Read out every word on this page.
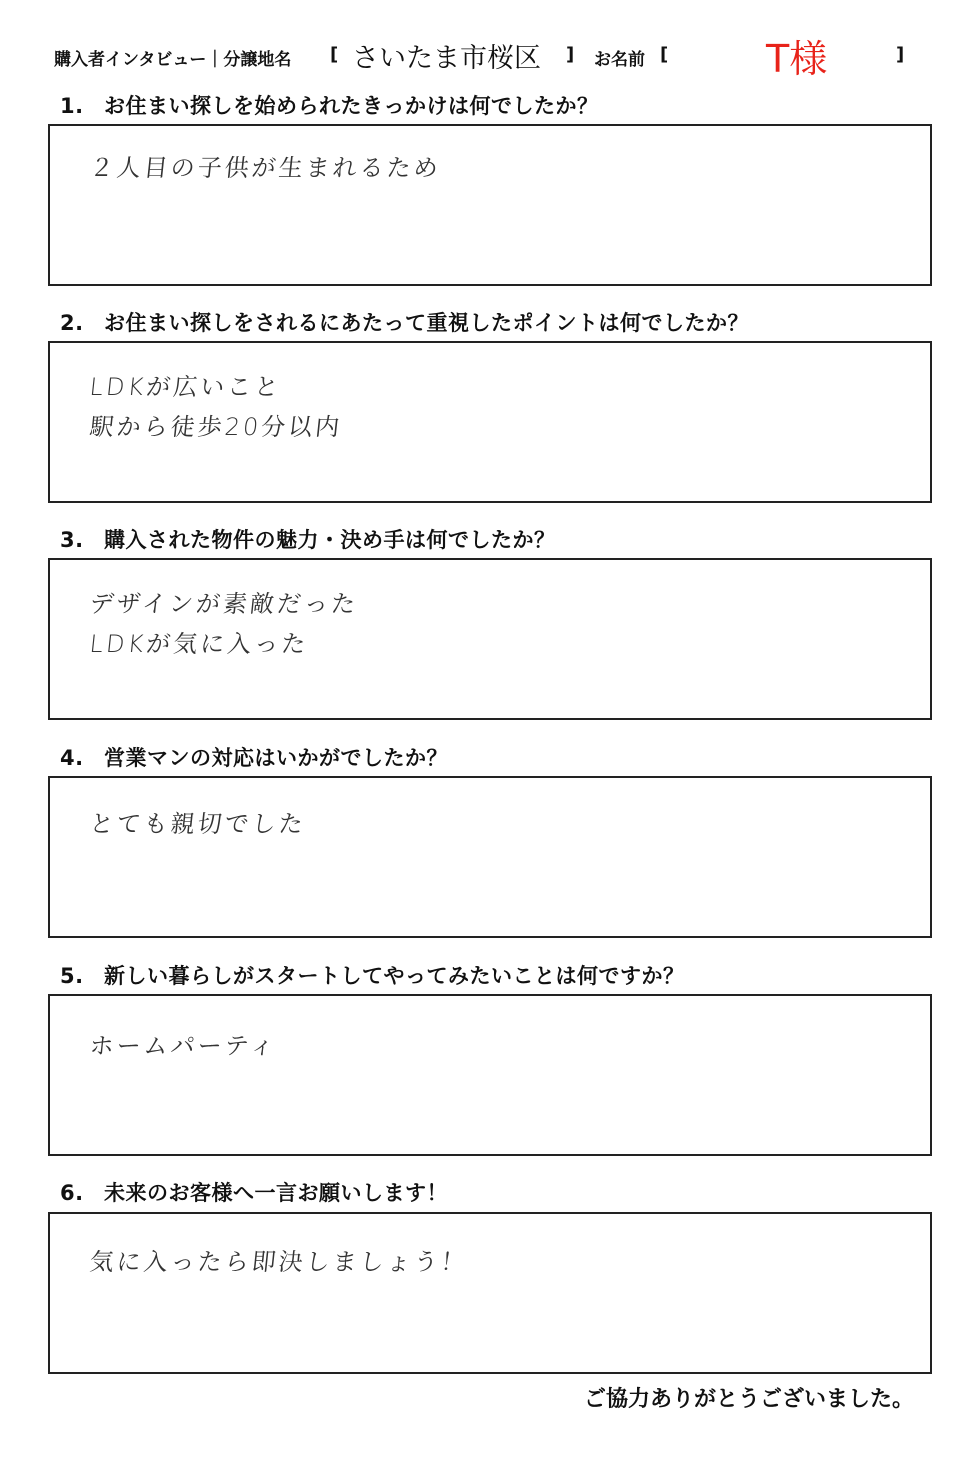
購入者インタビュー｜分譲地名 [ さいたま市桜区 ] お名前 [	T様	]
1. お住まい探しを始められたきっかけは何でしたか？
２人目の子供が生まれるため
2. お住まい探しをされるにあたって重視したポイントは何でしたか？
LDKが広いこと
駅から徒歩20分以内
3. 購入された物件の魅力・決め手は何でしたか？
デザインが素敵だった
LDKが気に入った
4. 営業マンの対応はいかがでしたか？
とても親切でした
5. 新しい暮らしがスタートしてやってみたいことは何ですか？
ホームパーティ
6. 未来のお客様へ一言お願いします！
気に入ったら即決しましょう！
ご協力ありがとうございました。
